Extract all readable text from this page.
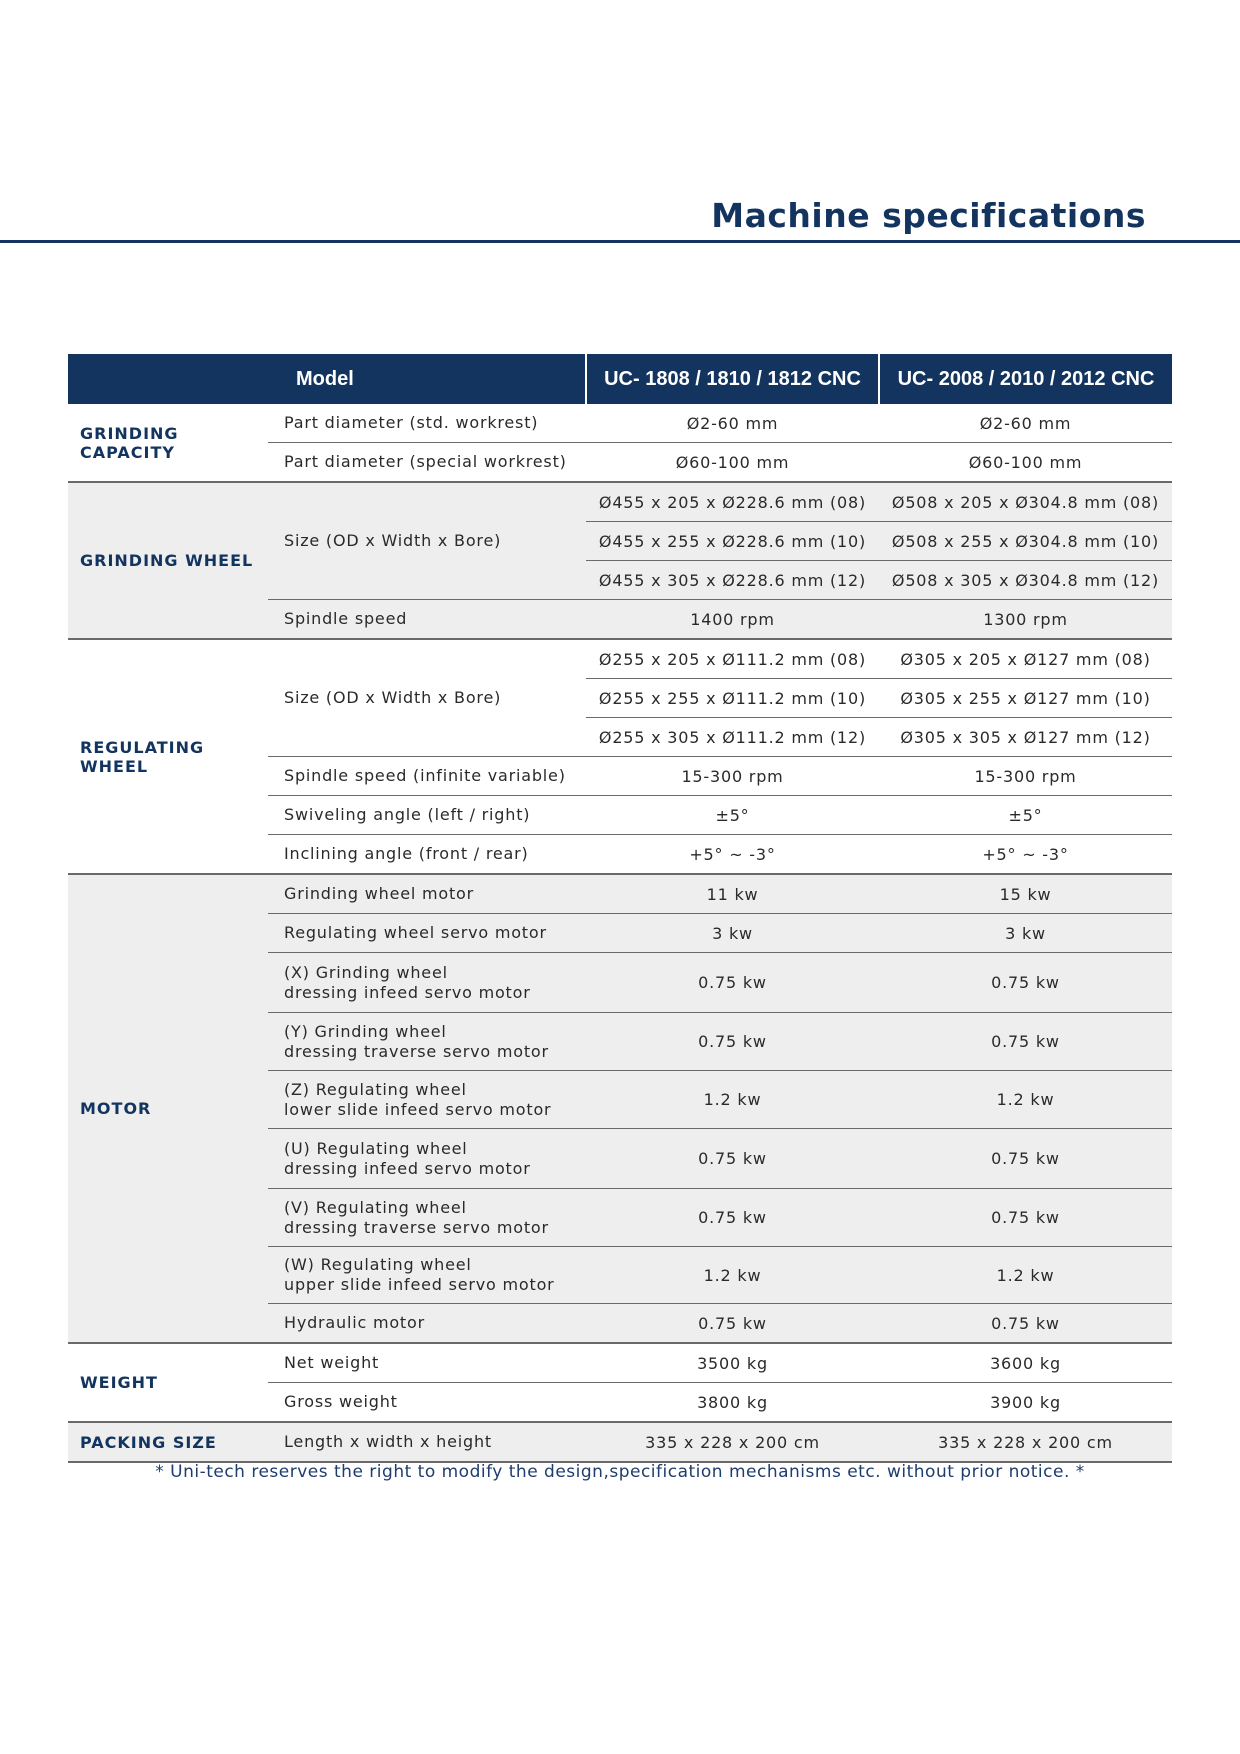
Machine specifications
Model		UC- 1808 / 1810 / 1812 CNC	UC- 2008 / 2010 / 2012 CNC
GRINDING CAPACITY	Part diameter (std. workrest)	Ø2-60 mm	Ø2-60 mm
	Part diameter (special workrest)	Ø60-100 mm	Ø60-100 mm
GRINDING WHEEL	Size (OD x Width x Bore)	Ø455 x 205 x Ø228.6 mm (08)	Ø508 x 205 x Ø304.8 mm (08)
		Ø455 x 255 x Ø228.6 mm (10)	Ø508 x 255 x Ø304.8 mm (10)
		Ø455 x 305 x Ø228.6 mm (12)	Ø508 x 305 x Ø304.8 mm (12)
	Spindle speed	1400 rpm	1300 rpm
REGULATING WHEEL	Size (OD x Width x Bore)	Ø255 x 205 x Ø111.2 mm (08)	Ø305 x 205 x Ø127 mm (08)
		Ø255 x 255 x Ø111.2 mm (10)	Ø305 x 255 x Ø127 mm (10)
		Ø255 x 305 x Ø111.2 mm (12)	Ø305 x 305 x Ø127 mm (12)
	Spindle speed (infinite variable)	15-300 rpm	15-300 rpm
	Swiveling angle (left / right)	±5°	±5°
	Inclining angle (front / rear)	+5° ~ -3°	+5° ~ -3°
MOTOR	Grinding wheel motor	11 kw	15 kw
	Regulating wheel servo motor	3 kw	3 kw
	(X) Grinding wheel
dressing infeed servo motor	0.75 kw	0.75 kw
	(Y) Grinding wheel
dressing traverse servo motor	0.75 kw	0.75 kw
	(Z) Regulating wheel
lower slide infeed servo motor	1.2 kw	1.2 kw
	(U) Regulating wheel
dressing infeed servo motor	0.75 kw	0.75 kw
	(V) Regulating wheel
dressing traverse servo motor	0.75 kw	0.75 kw
	(W) Regulating wheel
upper slide infeed servo motor	1.2 kw	1.2 kw
	Hydraulic motor	0.75 kw	0.75 kw
WEIGHT	Net weight	3500 kg	3600 kg
	Gross weight	3800 kg	3900 kg
PACKING SIZE	Length x width x height	335 x 228 x 200 cm	335 x 228 x 200 cm

* Uni-tech reserves the right to modify the design,specification mechanisms etc. without prior notice. *
